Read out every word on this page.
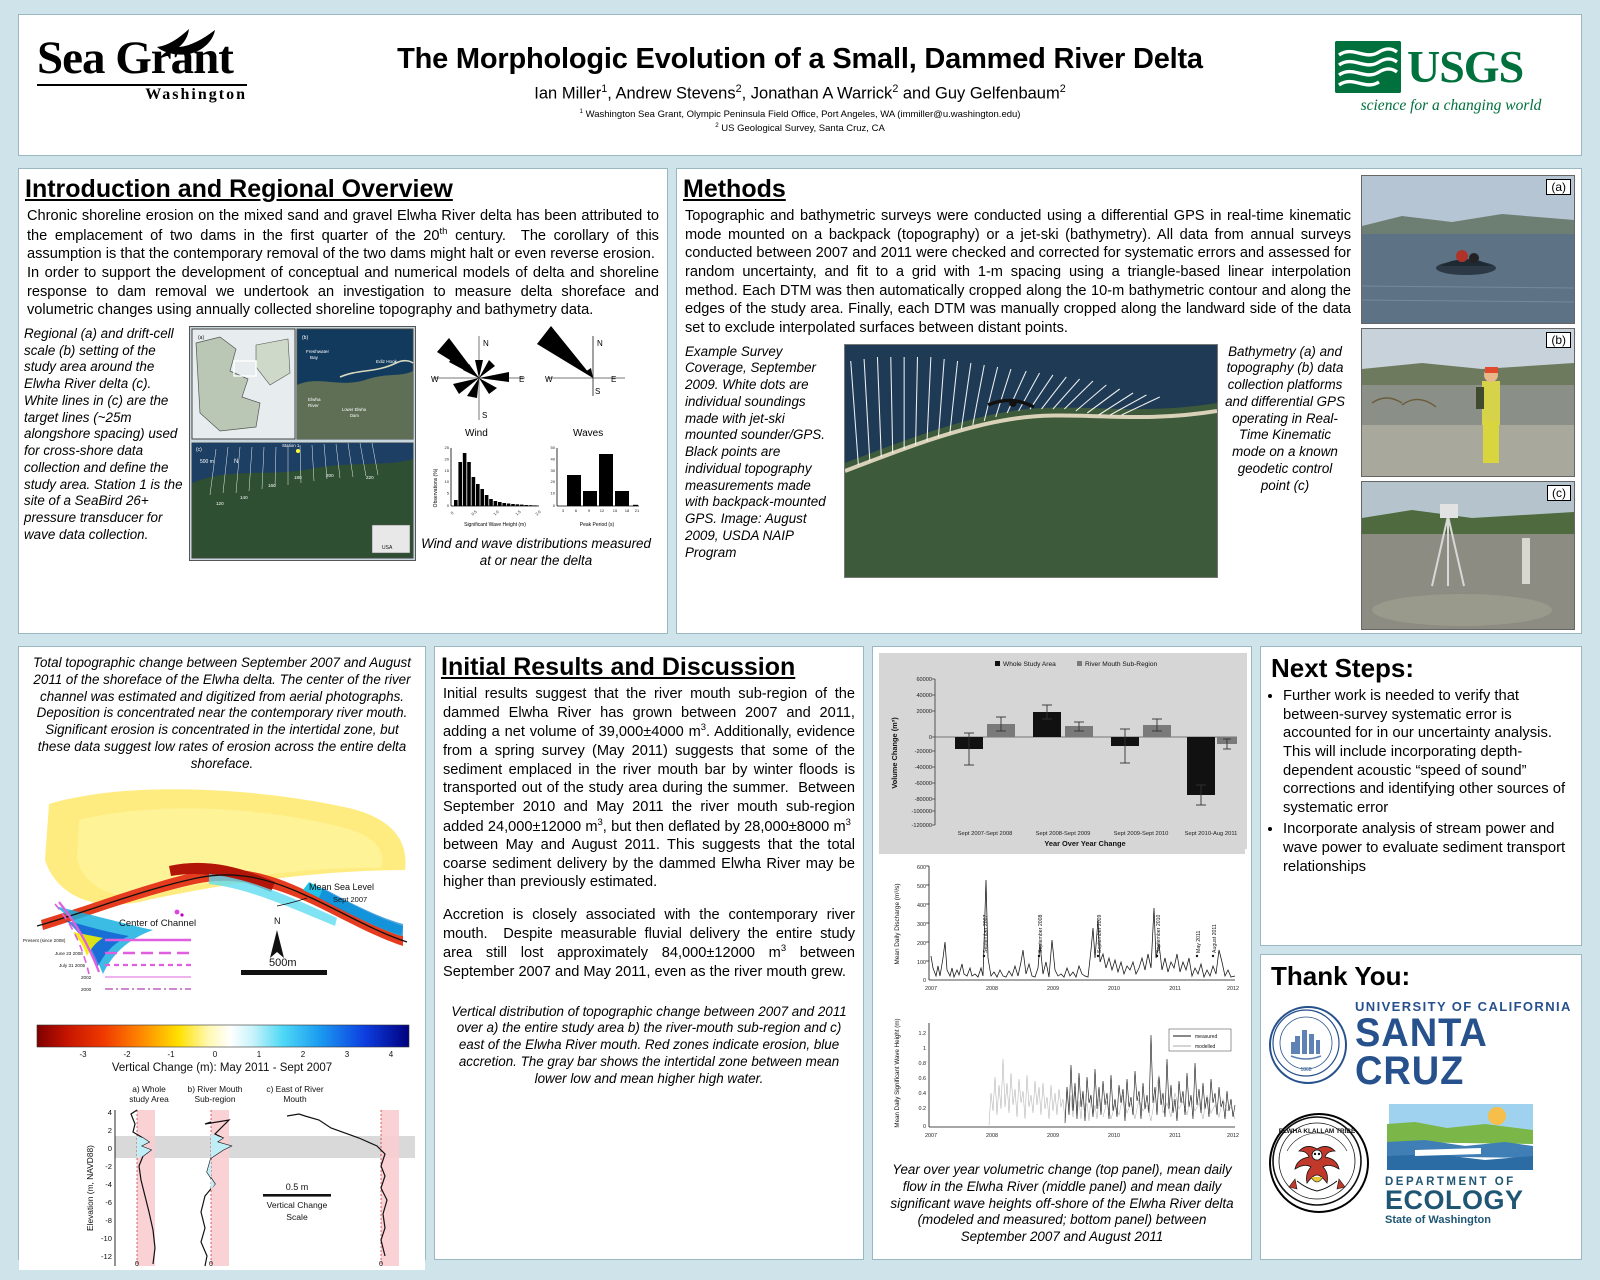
Sea Grant
Washington
The Morphologic Evolution of a Small, Dammed River Delta
Ian Miller$^1$, Andrew Stevens$^2$, Jonathan A Warrick$^2$ and Guy Gelfenbaum$^2$
$^1$ Washington Sea Grant, Olympic Peninsula Field Office, Port Angeles, WA (immiller@u.washington.edu)
$^2$ US Geological Survey, Santa Cruz, CA
USGS
science for a changing world
Introduction and Regional Overview
Chronic shoreline erosion on the mixed sand and gravel Elwha River delta has been attributed to the emplacement of two dams in the first quarter of the 20th century.  The corollary of this assumption is that the contemporary removal of the two dams might halt or even reverse erosion.  In order to support the development of conceptual and numerical models of delta and shoreline response to dam removal we undertook an investigation to measure delta shoreface and volumetric changes using annually collected shoreline topography and bathymetry data.
Regional (a) and drift-cell scale (b) setting of the study area around the Elwha River delta (c). White lines in (c) are the target lines (~25m alongshore spacing) used for cross-shore data collection and define the study area. Station 1 is the site of a SeaBird 26+ pressure transducer for wave data collection.
(a)	(b)
Freshwater
Bay
Ediz Hook
Elwha
River
Lower Elwha
Dam
Station 1
(c)
500 m	N
120
140
160
180	200	220
USA
N
S
E
W
Wind
N
S
E
W
Waves
25
20
15
10
5
0
0	0.5	1.0	1.5	2.0
Significant Wave Height (m)
Observations (%)
50
40
30
20
10
0
3	6	9 12 15 18 21
Peak Period (s)
Wind and wave distributions measured at or near the delta
Methods
Topographic and bathymetric surveys were conducted using a differential GPS in real-time kinematic mode mounted on a backpack (topography) or a jet-ski (bathymetry). All data from annual surveys conducted between 2007 and 2011 were checked and corrected for systematic errors and assessed for random uncertainty, and fit to a grid with 1-m spacing using a triangle-based linear interpolation method. Each DTM was then automatically cropped along the 10-m bathymetric contour and along the edges of the study area. Finally, each DTM was manually cropped along the landward side of the data set to exclude interpolated surfaces between distant points.
(a)
(b)
(c)
Example Survey Coverage, September 2009. White dots are individual soundings made with jet-ski mounted sounder/GPS. Black points are individual topography measurements made with backpack-mounted GPS. Image: August 2009, USDA NAIP Program
Bathymetry (a) and topography (b) data collection platforms and differential GPS operating in Real-Time Kinematic mode on a known geodetic control point (c)
Total topographic change between September 2007 and August 2011 of the shoreface of the Elwha delta. The center of the river channel was estimated and digitized from aerial photographs. Deposition is concentrated near the contemporary river mouth. Significant erosion is concentrated in the intertidal zone, but these data suggest low rates of erosion across the entire delta shoreface.
Center of Channel
Present (since 2008)
June 23 2008
July 31 2005
2002
2000
Mean Sea Level
Sept 2007
N
500m
-3	-2	-1	0	1	2	3	4
Vertical Change (m): May 2011 - Sept 2007
a) Whole
study Area
b) River Mouth
Sub-region
c) East of River
Mouth
4
2
0
-2
-4
-6
-8
-10
-12
Elevation (m, NAVD88)	0.5 m
Vertical Change
Scale
0	0	0
Initial Results and Discussion
Initial results suggest that the river mouth sub-region of the dammed Elwha River has grown between 2007 and 2011, adding a net volume of 39,000±4000 $m^3$. Additionally, evidence from a spring survey (May 2011) suggests that some of the sediment emplaced in the river mouth bar by winter floods is transported out of the study area during the summer.  Between September 2010 and May 2011 the river mouth sub-region added 24,000±12000 $m^3$, but then deflated by 28,000±8000 $m^3$  between May and August 2011. This suggests that the total coarse sediment delivery by the dammed Elwha River may be higher than previously estimated.
Accretion is closely associated with the contemporary river mouth.  Despite measurable fluvial delivery the entire study area still lost approximately 84,000±12000 $m^3$ between September 2007 and May 2011, even as the river mouth grew.
Vertical distribution of topographic change between 2007 and 2011 over a) the entire study area b) the river-mouth sub-region and c) east of the Elwha River mouth. Red zones indicate erosion, blue accretion. The gray bar shows the intertidal zone between mean lower low and mean higher high water.
Whole Study Area	River Mouth Sub-Region
60000
40000
20000
0
-20000
-40000
-60000
-80000
-100000
-120000
Volume Change (m³)
Sept 2007-Sept 2008	Sept 2008-Sept 2009	Sept 2009-Sept 2010	Sept 2010-Aug 2011
Year Over Year Change
600
500
400
300
200
100
0
Mean Daily Discharge (m³/s)	September 2007	September 2008	September 2009	September 2010	May 2011 August 2011
2007	2008	2009	2010	2011	2012
1.2
1
0.8
0.6
0.4
0.2
0
Mean Daily Significant Wave Height (m)	measured
modelled
2007	2008	2009	2010	2011	2012
Year over year volumetric change (top panel), mean daily flow in the Elwha River (middle panel) and mean daily significant wave heights off-shore of the Elwha River delta (modeled and measured; bottom panel) between September 2007 and August 2011
Next Steps:
• Further work is needed to verify that between-survey systematic error is accounted for in our uncertainty analysis. This will include incorporating depth-dependent acoustic “speed of sound” corrections and identifying other sources of systematic error
• Incorporate analysis of stream power and wave power to evaluate sediment transport relationships
Thank You:
1868
UNIVERSITY OF CALIFORNIA
SANTA CRUZ
ELWHA KLALLAM TRIBE
DEPARTMENT OF
ECOLOGY
State of Washington
